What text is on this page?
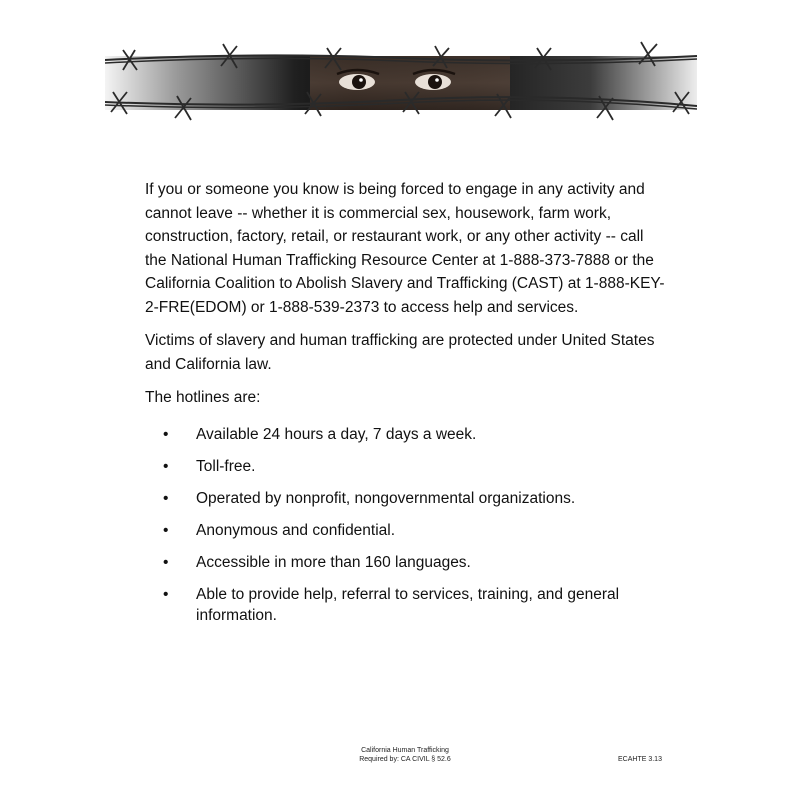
If you or someone you know is being forced to engage in any activity and cannot leave -- whether it is commercial sex, housework, farm work, construction, factory, retail, or restaurant work, or any other activity -- call the National Human Trafficking Resource Center at 1-888-373-7888 or the California Coalition to Abolish Slavery and Trafficking (CAST) at 1-888-KEY-2-FRE(EDOM) or 1-888-539-2373 to access help and services.

Victims of slavery and human trafficking are protected under United States and California law.

The hotlines are:

• Available 24 hours a day, 7 days a week.
• Toll-free.
• Operated by nonprofit, nongovernmental organizations.
• Anonymous and confidential.
• Accessible in more than 160 languages.
• Able to provide help, referral to services, training, and general information.
California Human Trafficking
Required by: CA CIVIL § 52.6	ECAHTE 3.13
